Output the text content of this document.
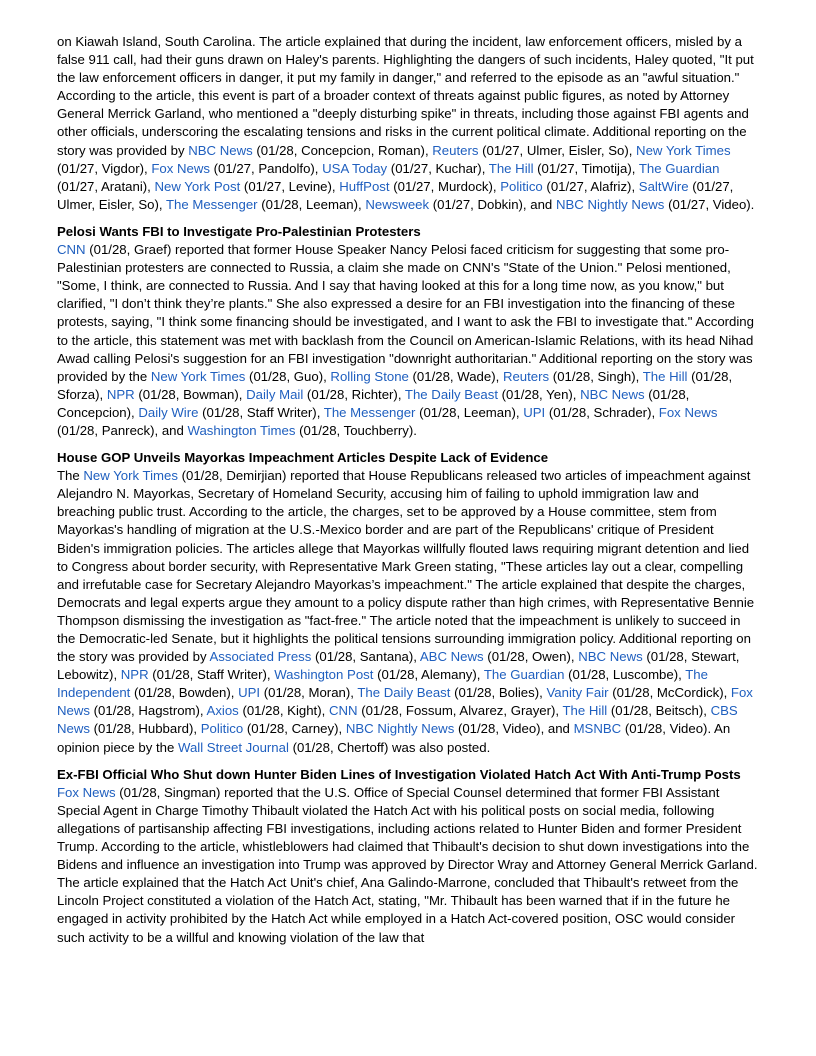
on Kiawah Island, South Carolina. The article explained that during the incident, law enforcement officers, misled by a false 911 call, had their guns drawn on Haley's parents. Highlighting the dangers of such incidents, Haley quoted, "It put the law enforcement officers in danger, it put my family in danger," and referred to the episode as an "awful situation." According to the article, this event is part of a broader context of threats against public figures, as noted by Attorney General Merrick Garland, who mentioned a "deeply disturbing spike" in threats, including those against FBI agents and other officials, underscoring the escalating tensions and risks in the current political climate. Additional reporting on the story was provided by NBC News (01/28, Concepcion, Roman), Reuters (01/27, Ulmer, Eisler, So), New York Times (01/27, Vigdor), Fox News (01/27, Pandolfo), USA Today (01/27, Kuchar), The Hill (01/27, Timotija), The Guardian (01/27, Aratani), New York Post (01/27, Levine), HuffPost (01/27, Murdock), Politico (01/27, Alafriz), SaltWire (01/27, Ulmer, Eisler, So), The Messenger (01/28, Leeman), Newsweek (01/27, Dobkin), and NBC Nightly News (01/27, Video).

Pelosi Wants FBI to Investigate Pro-Palestinian Protesters

CNN (01/28, Graef) reported that former House Speaker Nancy Pelosi faced criticism for suggesting that some pro-Palestinian protesters are connected to Russia, a claim she made on CNN's "State of the Union." Pelosi mentioned, "Some, I think, are connected to Russia. And I say that having looked at this for a long time now, as you know," but clarified, "I don’t think they’re plants." She also expressed a desire for an FBI investigation into the financing of these protests, saying, "I think some financing should be investigated, and I want to ask the FBI to investigate that." According to the article, this statement was met with backlash from the Council on American-Islamic Relations, with its head Nihad Awad calling Pelosi's suggestion for an FBI investigation "downright authoritarian." Additional reporting on the story was provided by the New York Times (01/28, Guo), Rolling Stone (01/28, Wade), Reuters (01/28, Singh), The Hill (01/28, Sforza), NPR (01/28, Bowman), Daily Mail (01/28, Richter), The Daily Beast (01/28, Yen), NBC News (01/28, Concepcion), Daily Wire (01/28, Staff Writer), The Messenger (01/28, Leeman), UPI (01/28, Schrader), Fox News (01/28, Panreck), and Washington Times (01/28, Touchberry).

House GOP Unveils Mayorkas Impeachment Articles Despite Lack of Evidence

The New York Times (01/28, Demirjian) reported that House Republicans released two articles of impeachment against Alejandro N. Mayorkas, Secretary of Homeland Security, accusing him of failing to uphold immigration law and breaching public trust. According to the article, the charges, set to be approved by a House committee, stem from Mayorkas's handling of migration at the U.S.-Mexico border and are part of the Republicans' critique of President Biden's immigration policies. The articles allege that Mayorkas willfully flouted laws requiring migrant detention and lied to Congress about border security, with Representative Mark Green stating, "These articles lay out a clear, compelling and irrefutable case for Secretary Alejandro Mayorkas’s impeachment." The article explained that despite the charges, Democrats and legal experts argue they amount to a policy dispute rather than high crimes, with Representative Bennie Thompson dismissing the investigation as "fact-free." The article noted that the impeachment is unlikely to succeed in the Democratic-led Senate, but it highlights the political tensions surrounding immigration policy. Additional reporting on the story was provided by Associated Press (01/28, Santana), ABC News (01/28, Owen), NBC News (01/28, Stewart, Lebowitz), NPR (01/28, Staff Writer), Washington Post (01/28, Alemany), The Guardian (01/28, Luscombe), The Independent (01/28, Bowden), UPI (01/28, Moran), The Daily Beast (01/28, Bolies), Vanity Fair (01/28, McCordick), Fox News (01/28, Hagstrom), Axios (01/28, Kight), CNN (01/28, Fossum, Alvarez, Grayer), The Hill (01/28, Beitsch), CBS News (01/28, Hubbard), Politico (01/28, Carney), NBC Nightly News (01/28, Video), and MSNBC (01/28, Video). An opinion piece by the Wall Street Journal (01/28, Chertoff) was also posted.

Ex-FBI Official Who Shut down Hunter Biden Lines of Investigation Violated Hatch Act With Anti-Trump Posts

Fox News (01/28, Singman) reported that the U.S. Office of Special Counsel determined that former FBI Assistant Special Agent in Charge Timothy Thibault violated the Hatch Act with his political posts on social media, following allegations of partisanship affecting FBI investigations, including actions related to Hunter Biden and former President Trump. According to the article, whistleblowers had claimed that Thibault's decision to shut down investigations into the Bidens and influence an investigation into Trump was approved by Director Wray and Attorney General Merrick Garland. The article explained that the Hatch Act Unit's chief, Ana Galindo-Marrone, concluded that Thibault's retweet from the Lincoln Project constituted a violation of the Hatch Act, stating, "Mr. Thibault has been warned that if in the future he engaged in activity prohibited by the Hatch Act while employed in a Hatch Act-covered position, OSC would consider such activity to be a willful and knowing violation of the law that
